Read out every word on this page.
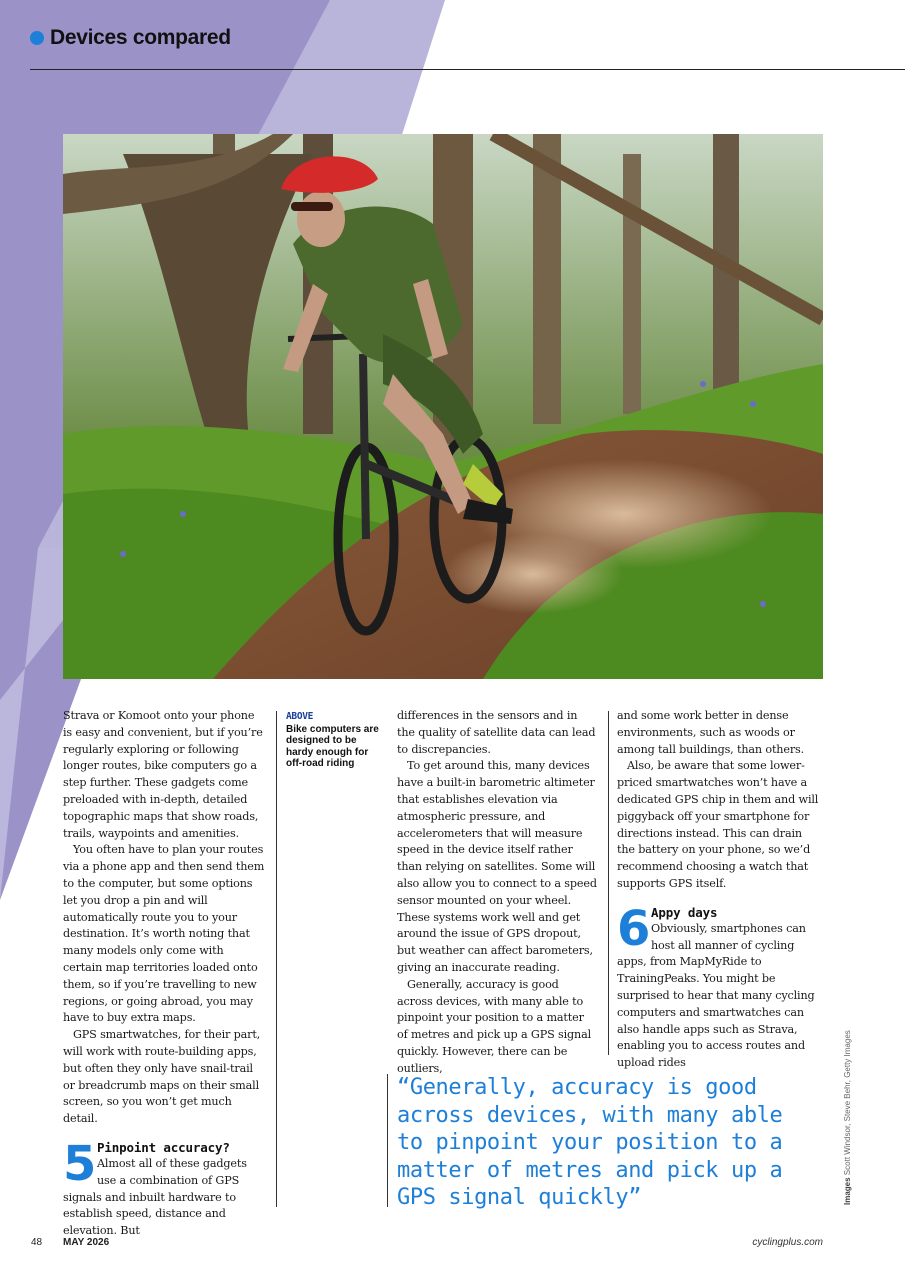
Devices compared

Strava or Komoot onto your phone is easy and convenient, but if you’re regularly exploring or following longer routes, bike computers go a step further. These gadgets come preloaded with in-depth, detailed topographic maps that show roads, trails, waypoints and amenities.

You often have to plan your routes via a phone app and then send them to the computer, but some options let you drop a pin and will automatically route you to your destination. It’s worth noting that many models only come with certain map territories loaded onto them, so if you’re travelling to new regions, or going abroad, you may have to buy extra maps.

GPS smartwatches, for their part, will work with route-building apps, but often they only have snail-trail or breadcrumb maps on their small screen, so you won’t get much detail.

5 Pinpoint accuracy?
Almost all of these gadgets use a combination of GPS signals and inbuilt hardware to establish speed, distance and elevation. But
ABOVE
Bike computers are designed to be hardy enough for off-road riding

differences in the sensors and in the quality of satellite data can lead to discrepancies.

To get around this, many devices have a built-in barometric altimeter that establishes elevation via atmospheric pressure, and accelerometers that will measure speed in the device itself rather than relying on satellites. Some will also allow you to connect to a speed sensor mounted on your wheel. These systems work well and get around the issue of GPS dropout, but weather can affect barometers, giving an inaccurate reading.

Generally, accuracy is good across devices, with many able to pinpoint your position to a matter of metres and pick up a GPS signal quickly. However, there can be outliers,

and some work better in dense environments, such as woods or among tall buildings, than others.

Also, be aware that some lower-priced smartwatches won’t have a dedicated GPS chip in them and will piggyback off your smartphone for directions instead. This can drain the battery on your phone, so we’d recommend choosing a watch that supports GPS itself.

6 Appy days
Obviously, smartphones can host all manner of cycling apps, from MapMyRide to TrainingPeaks. You might be surprised to hear that many cycling computers and smartwatches can also handle apps such as Strava, enabling you to access routes and upload rides
“Generally, accuracy is good across devices, with many able to pinpoint your position to a matter of metres and pick up a GPS signal quickly”	Images Scott Windsor, Steve Behr, Getty Images
48 MAY 2026	cyclingplus.com
